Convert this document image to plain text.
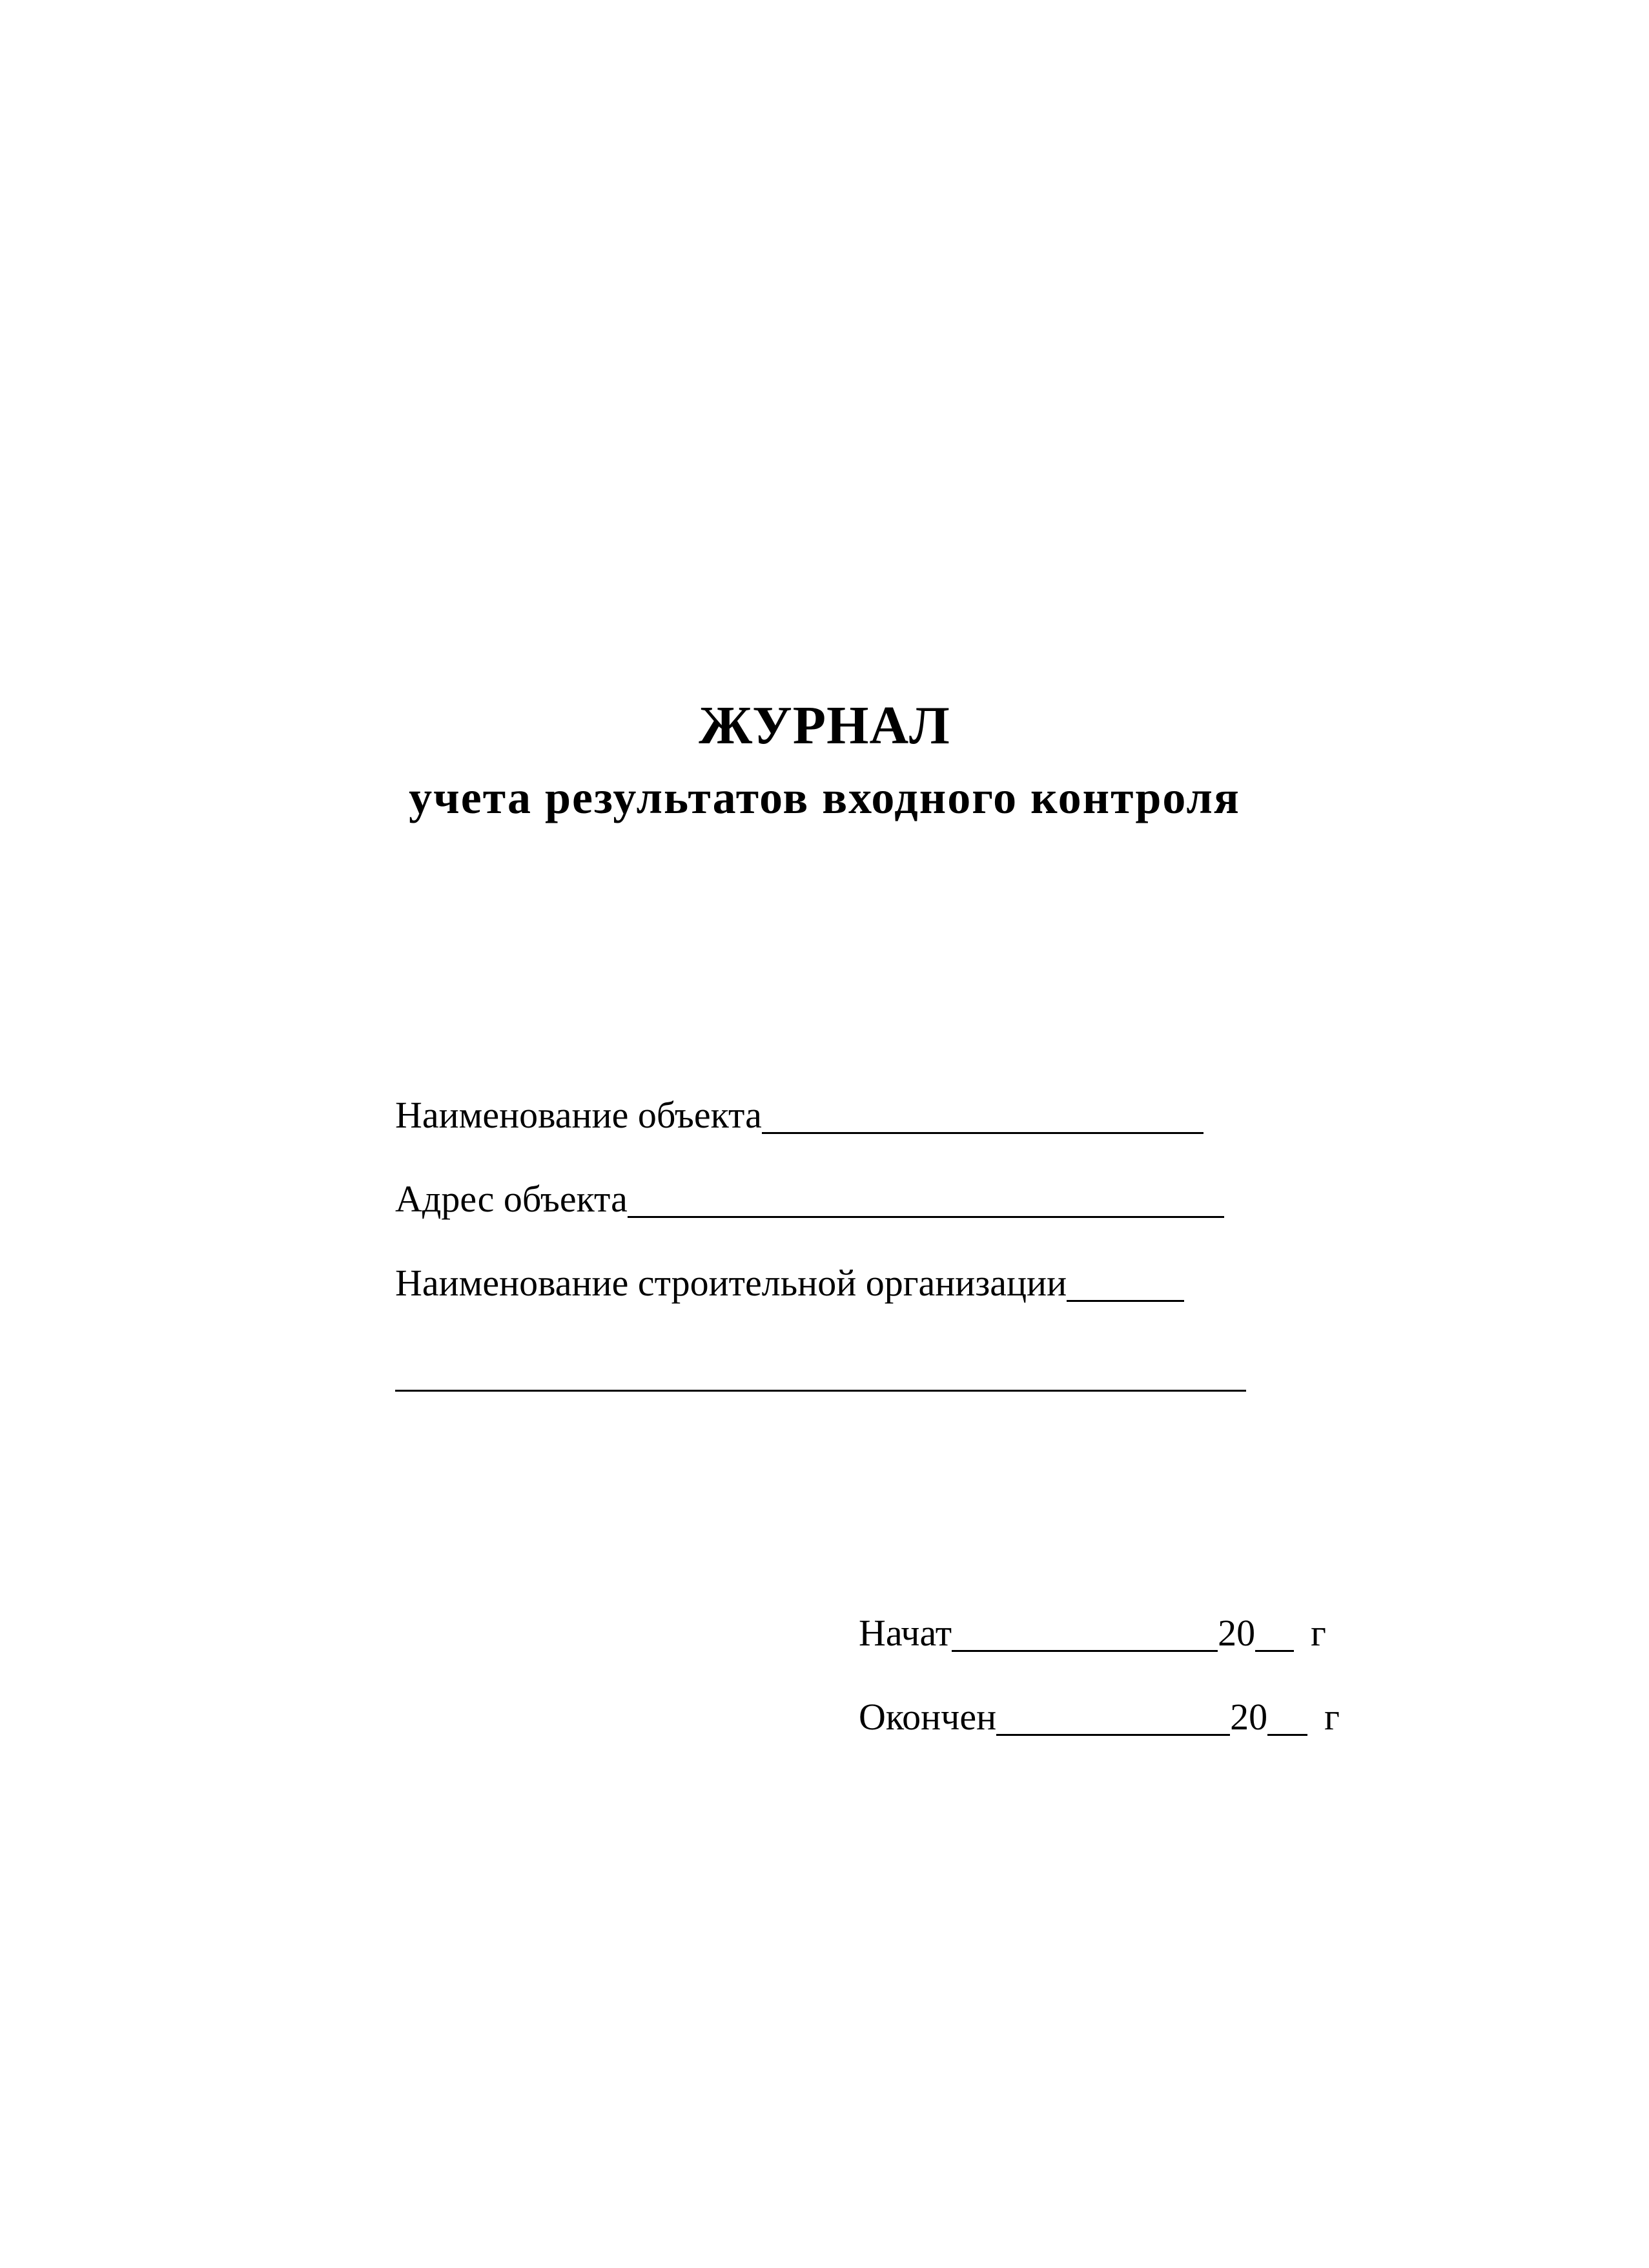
ЖУРНАЛ
учета результатов входного контроля
Наименование объекта
Адрес объекта
Наименование строительной организации
Начат	20 г
Окончен	20 г
